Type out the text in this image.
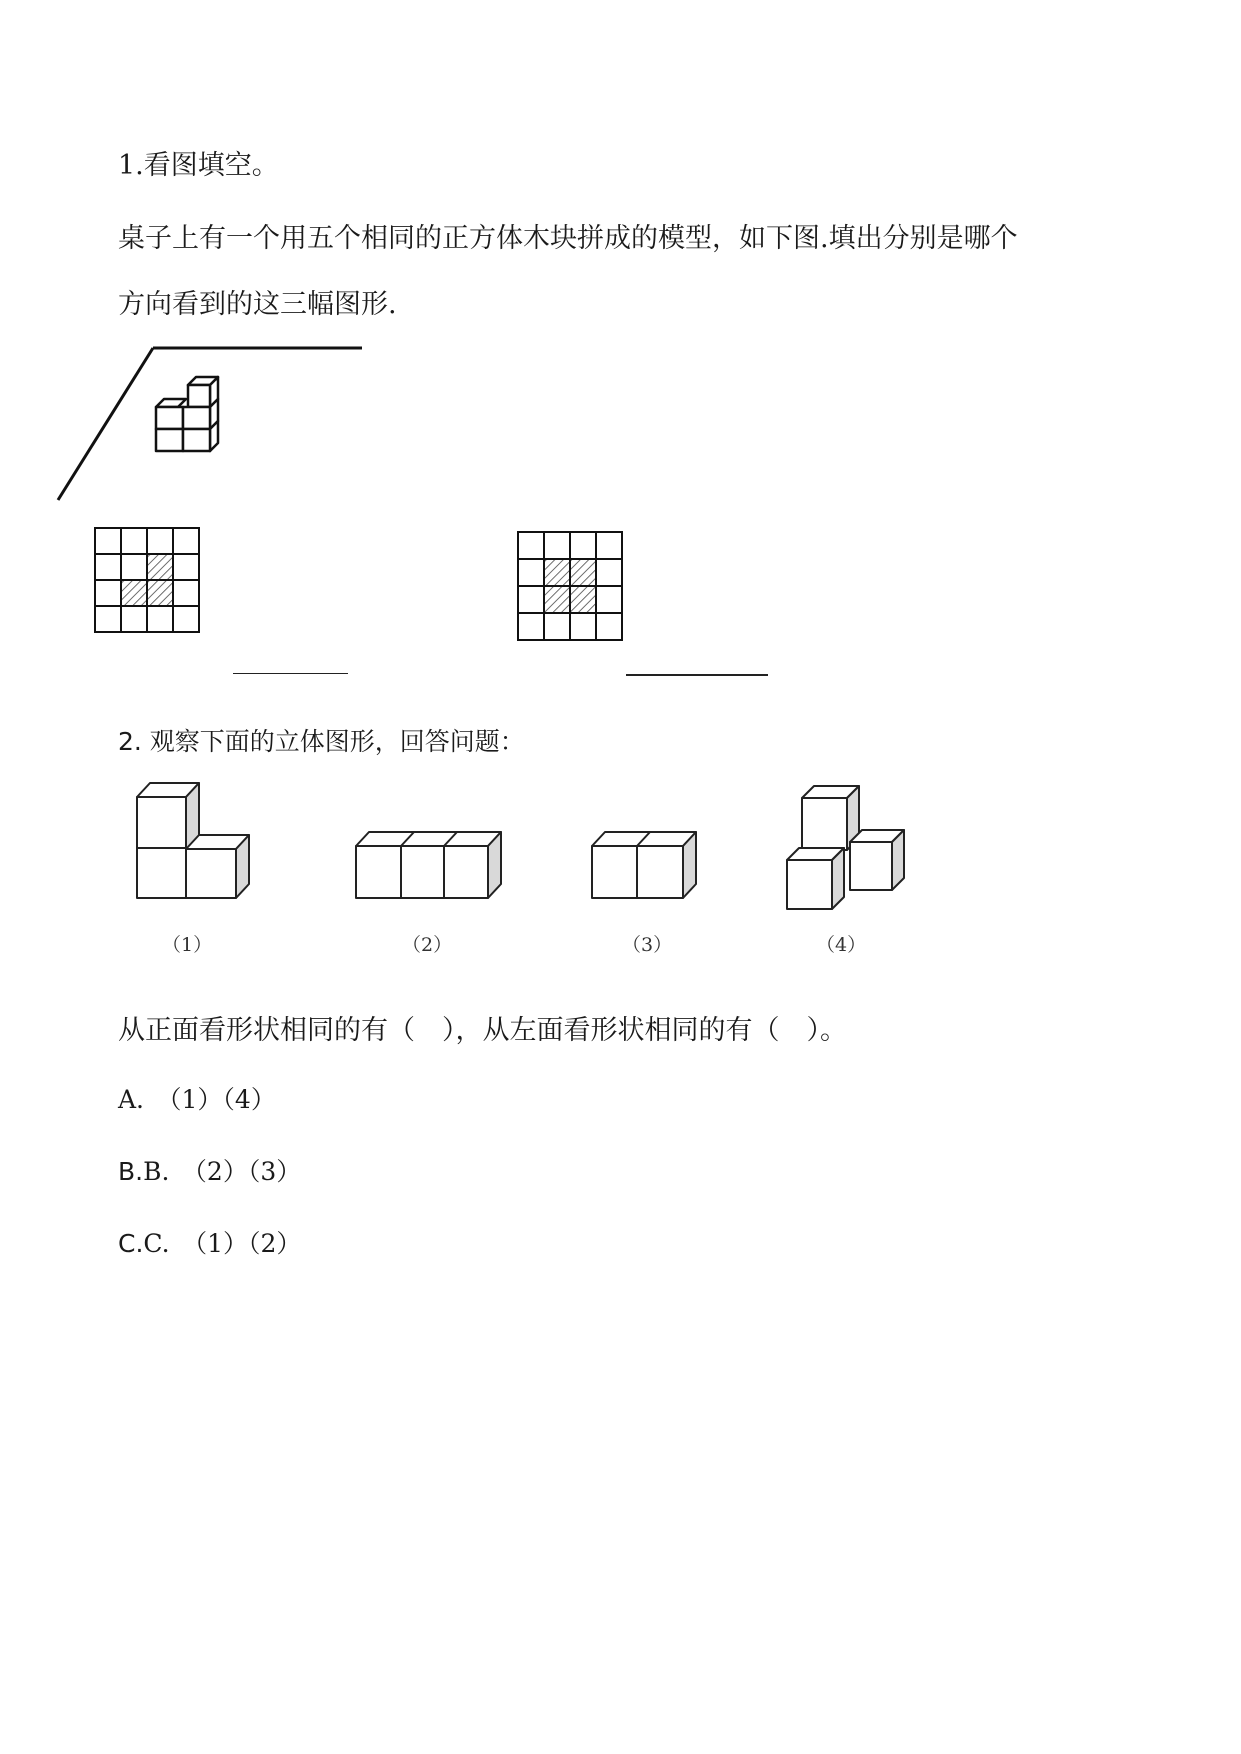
1.看图填空。

桌子上有一个用五个相同的正方体木块拼成的模型，如下图.填出分别是哪个

方向看到的这三幅图形.

2. 观察下面的立体图形，回答问题：

（1）	（2）	（3）	（4）

从正面看形状相同的有（　），从左面看形状相同的有（　）。

A.　（1）（4）

B.B.　（2）（3）

C.C.　（1）（2）
